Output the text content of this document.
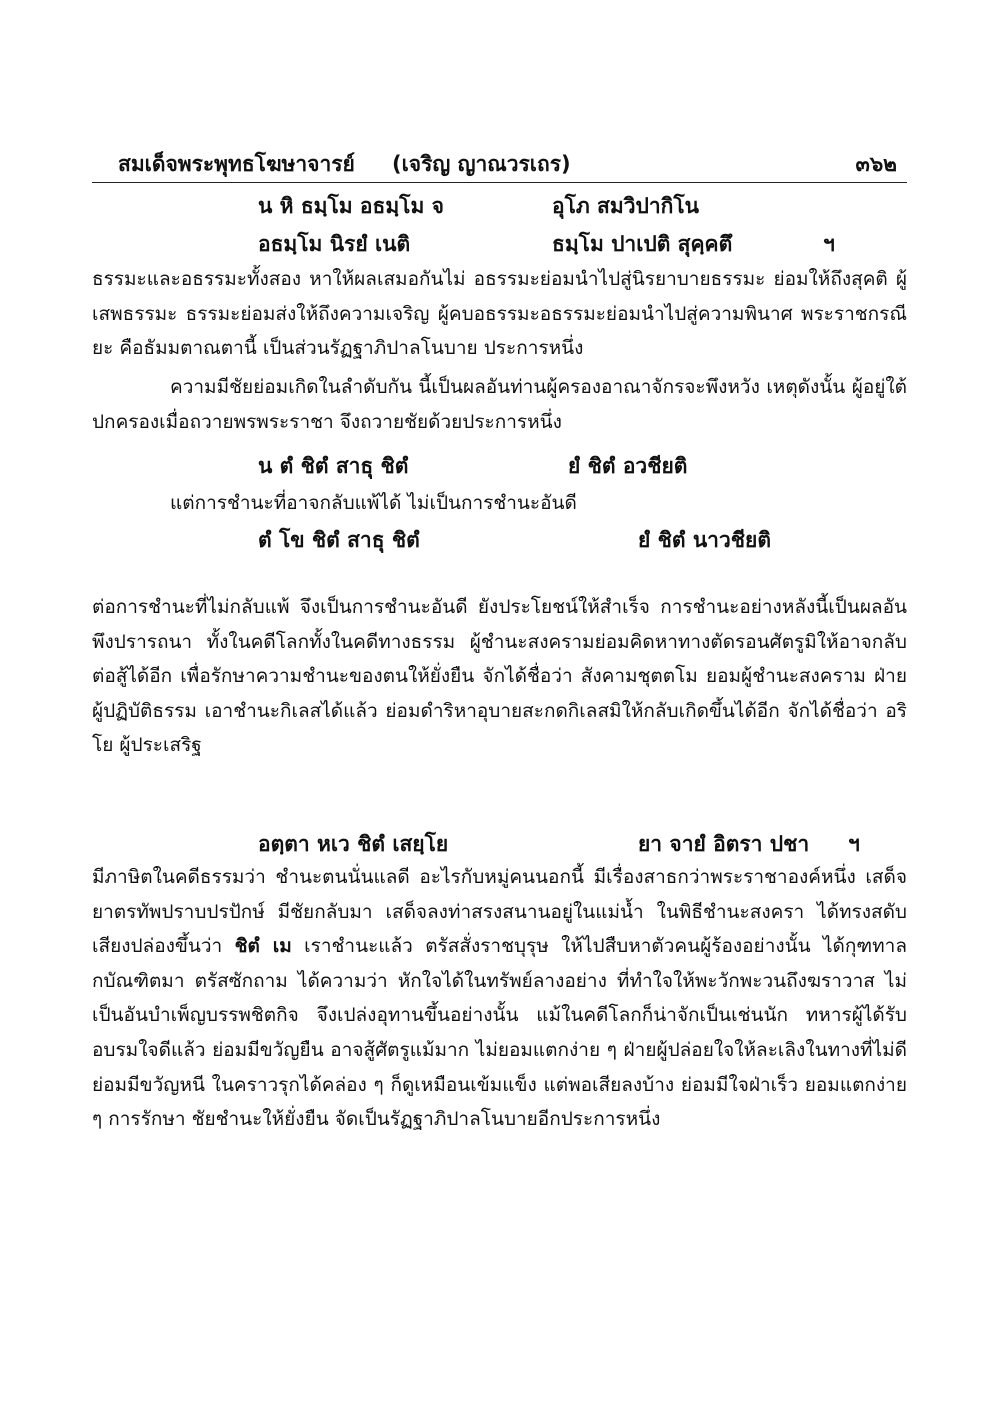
สมเด็จพระพุทธโฆษาจารย์ (เจริญ ญาณวรเถร)	๓๖๒
น หิ ธมฺโม อธมฺโม จ	อุโภ สมวิปากิโน
อธมฺโม นิรยํ เนติ	ธมฺโม ปาเปติ สุคฺคตึ	ฯ

ธรรมะและอธรรมะทั้งสอง หาให้ผลเสมอกันไม่ อธรรมะย่อมนำไปสู่นิรยาบายธรรมะ ย่อมให้ถึงสุคติ ผู้เสพธรรมะ ธรรมะย่อมส่งให้ถึงความเจริญ ผู้คบอธรรมะอธรรมะย่อมนำไปสู่ความพินาศ พระราชกรณียะ คือธัมมตาณตานี้ เป็นส่วนรัฏฐาภิปาลโนบาย ประการหนึ่ง

ความมีชัยย่อมเกิดในลำดับกัน นี้เป็นผลอันท่านผู้ครองอาณาจักรจะพึงหวัง เหตุดังนั้น ผู้อยู่ใต้ปกครองเมื่อถวายพรพระราชา จึงถวายชัยด้วยประการหนึ่ง

น ตํ ชิตํ สาธุ ชิตํ	ยํ ชิตํ อวชียติ
แต่การชำนะที่อาจกลับแพ้ได้ ไม่เป็นการชำนะอันดี
ตํ โข ชิตํ สาธุ ชิตํ	ยํ ชิตํ นาวชียติ

ต่อการชำนะที่ไม่กลับแพ้ จึงเป็นการชำนะอันดี ยังประโยชน์ให้สำเร็จ การชำนะอย่างหลังนี้เป็นผลอันพึงปรารถนา ทั้งในคดีโลกทั้งในคดีทางธรรม ผู้ชำนะสงครามย่อมคิดหาทางตัดรอนศัตรูมิให้อาจกลับต่อสู้ได้อีก เพื่อรักษาความชำนะของตนให้ยั่งยืน จักได้ชื่อว่า สังคามชุตตโม ยอมผู้ชำนะสงคราม ฝ่ายผู้ปฏิบัติธรรม เอาชำนะกิเลสได้แล้ว ย่อมดำริหาอุบายสะกดกิเลสมิให้กลับเกิดขึ้นได้อีก จักได้ชื่อว่า อริโย ผู้ประเสริฐ

อตฺตา หเว ชิตํ เสยฺโย	ยา จายํ อิตรา ปชา ฯ

มีภาษิตในคดีธรรมว่า ชำนะตนนั่นแลดี อะไรกับหมู่คนนอกนี้ มีเรื่องสาธกว่าพระราชาองค์หนึ่ง เสด็จยาตรทัพปราบปรปักษ์ มีชัยกลับมา เสด็จลงท่าสรงสนานอยู่ในแม่น้ำ ในพิธีชำนะสงครา ได้ทรงสดับเสียงปล่องขึ้นว่า ชิตํ เม เราชำนะแล้ว ตรัสสั่งราชบุรุษ ให้ไปสืบหาตัวคนผู้ร้องอย่างนั้น ได้กุฑทาลกบัณฑิตมา ตรัสซักถาม ได้ความว่า หักใจได้ในทรัพย์ลางอย่าง ที่ทำใจให้พะวักพะวนถึงฆราวาส ไม่เป็นอันบำเพ็ญบรรพชิตกิจ จึงเปล่งอุทานขึ้นอย่างนั้น แม้ในคดีโลกก็น่าจักเป็นเช่นนัก ทหารผู้ได้รับอบรมใจดีแล้ว ย่อมมีขวัญยืน อาจสู้ศัตรูแม้มาก ไม่ยอมแตกง่าย ๆ ฝ่ายผู้ปล่อยใจให้ละเลิงในทางที่ไม่ดี ย่อมมีขวัญหนี ในคราวรุกได้คล่อง ๆ ก็ดูเหมือนเข้มแข็ง แต่พอเสียลงบ้าง ย่อมมีใจฝ่าเร็ว ยอมแตกง่าย ๆ การรักษา ชัยชำนะให้ยั่งยืน จัดเป็นรัฏฐาภิปาลโนบายอีกประการหนึ่ง
